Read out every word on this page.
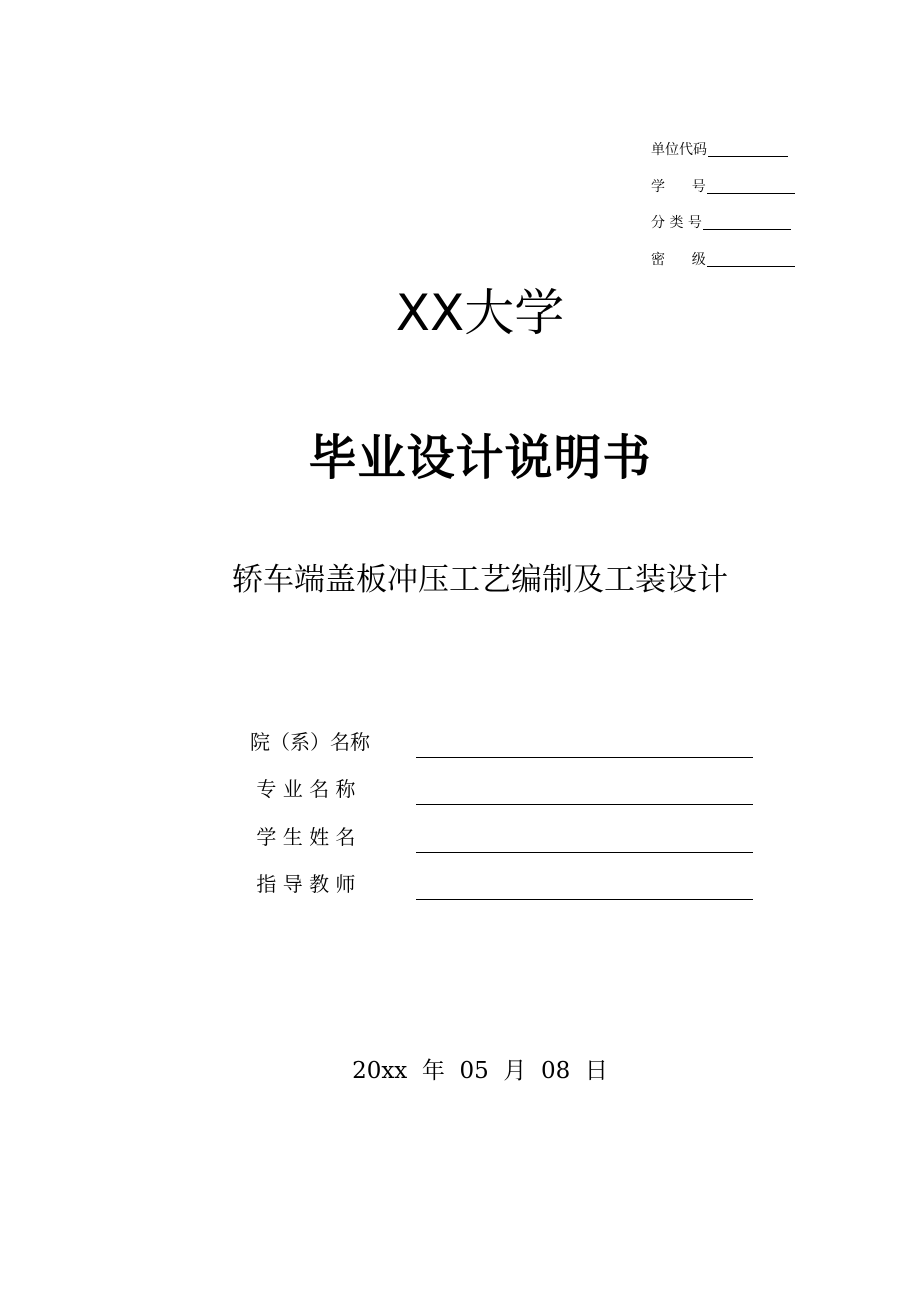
单位代码
学      号
分 类 号
密      级
XX大学
毕业设计说明书
轿车端盖板冲压工艺编制及工装设计
院（系）名称
专 业 名 称
学 生 姓 名
指 导 教 师
20xx  年  05  月  08  日
